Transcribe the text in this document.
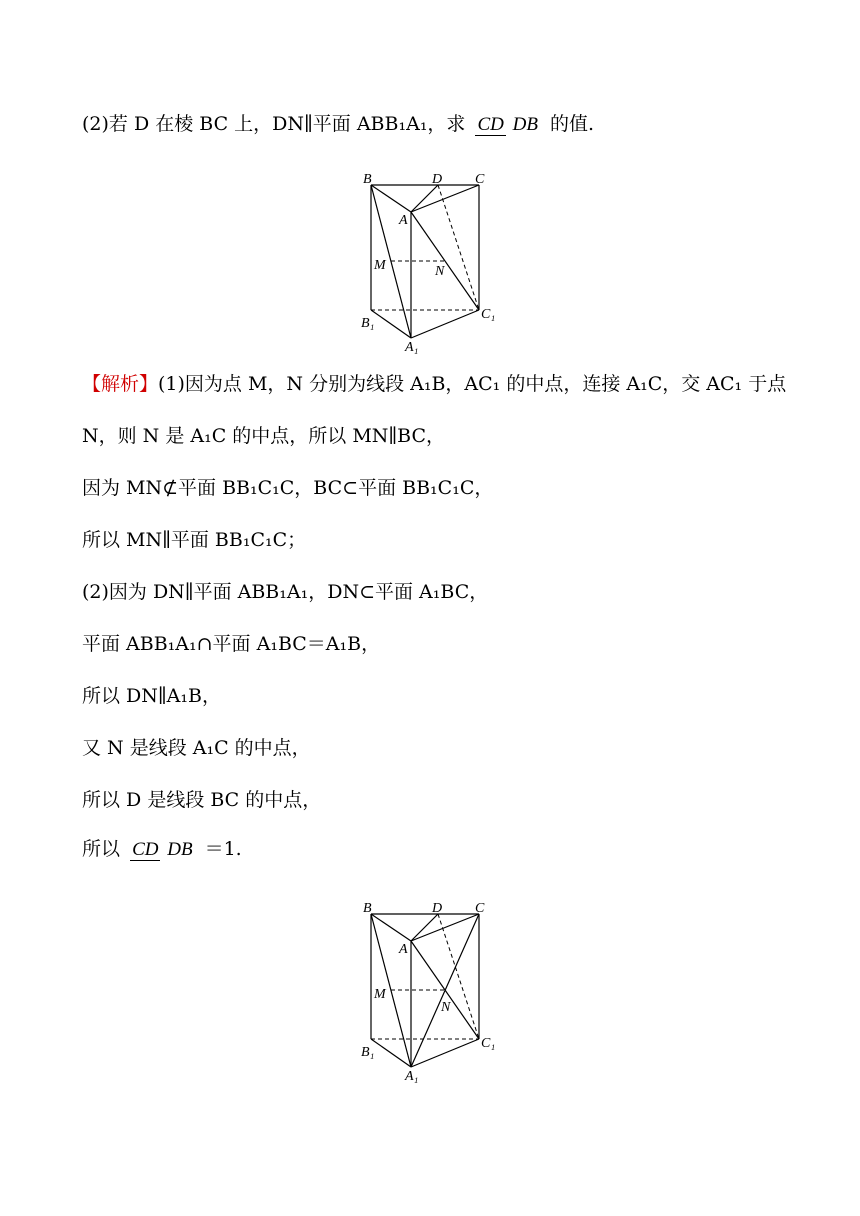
(2)若 D 在棱 BC 上，DN∥平面 ABB₁A₁，求 CD DB 的值.
B	D C
A
M	N
B₁
C₁
A₁
【解析】(1)因为点 M，N 分别为线段 A₁B，AC₁ 的中点，连接 A₁C，交 AC₁ 于点
N，则 N 是 A₁C 的中点，所以 MN∥BC，
因为 MN⊄平面 BB₁C₁C，BC⊂平面 BB₁C₁C，
所以 MN∥平面 BB₁C₁C；
(2)因为 DN∥平面 ABB₁A₁，DN⊂平面 A₁BC，
平面 ABB₁A₁∩平面 A₁BC＝A₁B，
所以 DN∥A₁B，
又 N 是线段 A₁C 的中点，
所以 D 是线段 BC 的中点，
所以 CD DB ＝1.
B	D C
A
M
N
B₁
C₁
A₁
